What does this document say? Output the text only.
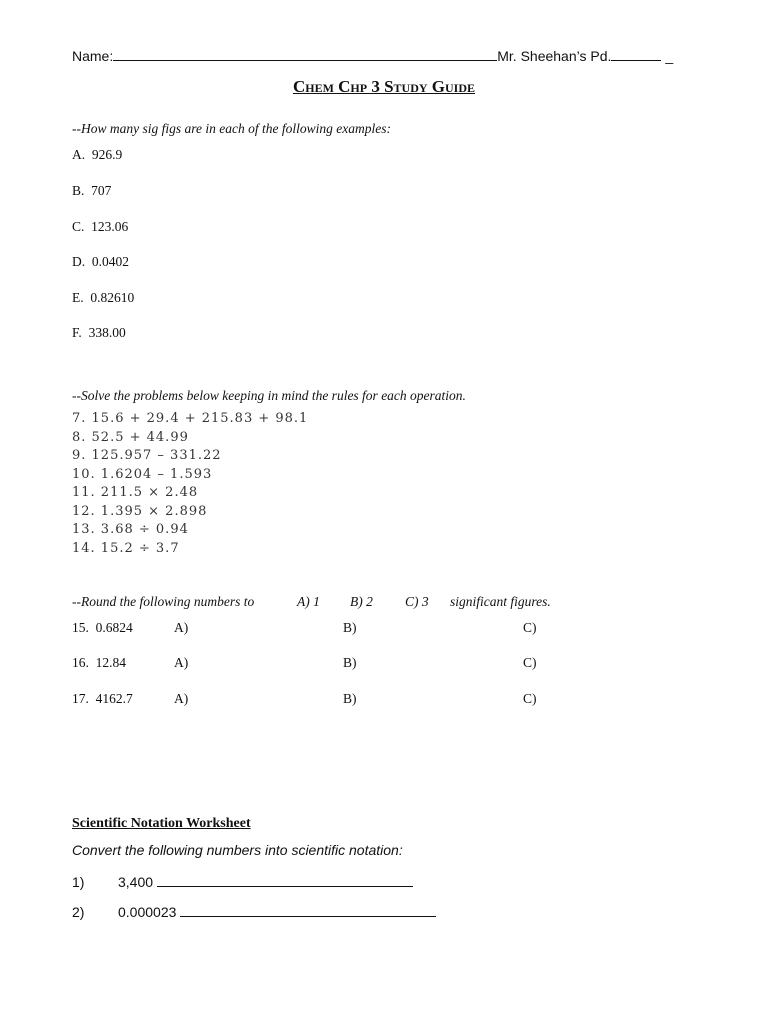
Name:	Mr. Sheehan’s Pd.	_
Chem Chp 3 Study Guide
--How many sig figs are in each of the following examples:
A. 926.9
B. 707
C. 123.06
D. 0.0402
E. 0.82610
F. 338.00
--Solve the problems below keeping in mind the rules for each operation.
7. 15.6 + 29.4 + 215.83 + 98.1
8. 52.5 + 44.99
9. 125.957 – 331.22
10. 1.6204 – 1.593
11. 211.5 × 2.48
12. 1.395 × 2.898
13. 3.68 ÷ 0.94
14. 15.2 ÷ 3.7
--Round the following numbers to	A) 1 B) 2 C) 3 significant figures.
15. 0.6824	A)	B)	C)
16. 12.84	A)	B)	C)
17. 4162.7	A)	B)	C)
Scientific Notation Worksheet
Convert the following numbers into scientific notation:
1) 3,400
2) 0.000023
